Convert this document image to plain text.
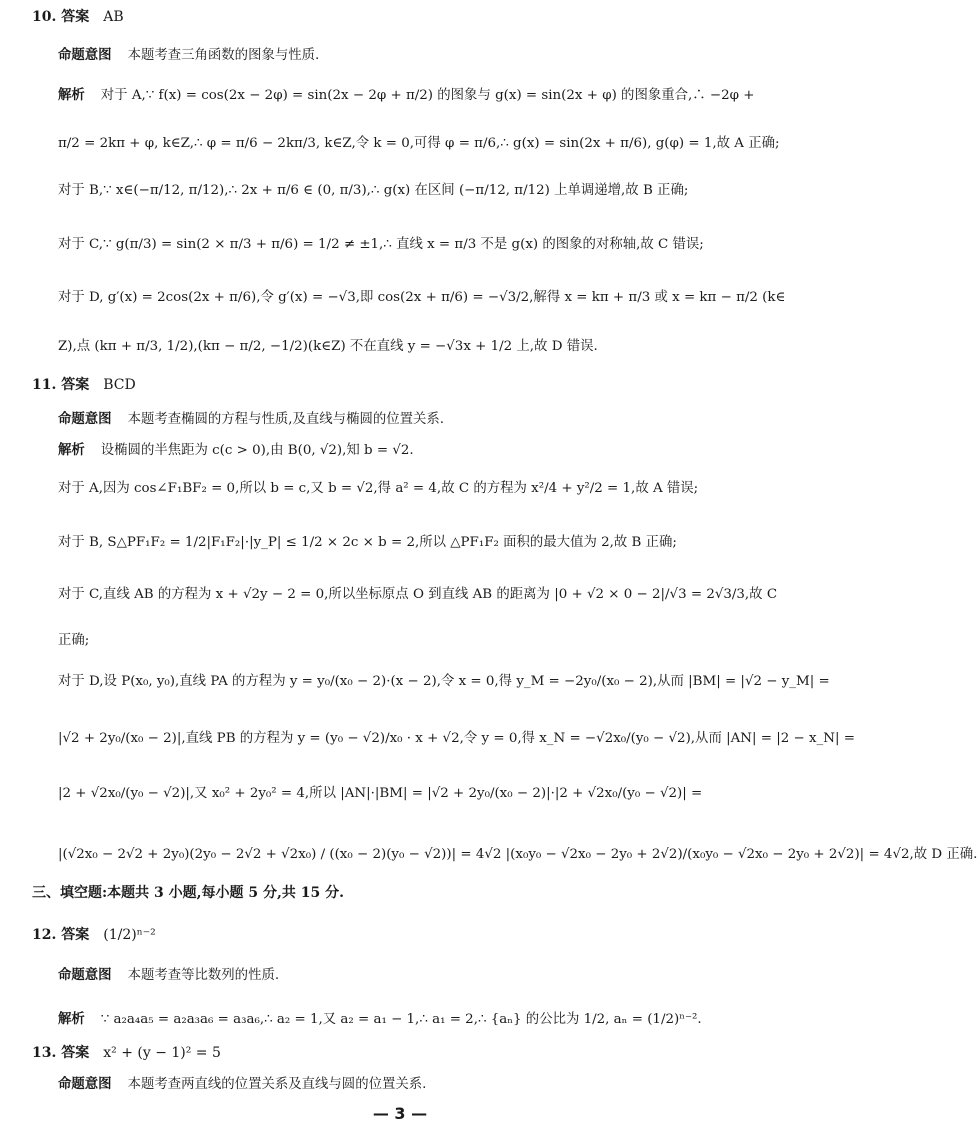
10. 答案 AB
命题意图 本题考查三角函数的图象与性质.
解析 对于 A,∵ f(x) = cos(2x − 2φ) = sin(2x − 2φ + π/2) 的图象与 g(x) = sin(2x + φ) 的图象重合,∴ −2φ +
π/2 = 2kπ + φ, k∈Z,∴ φ = π/6 − 2kπ/3, k∈Z,令 k = 0,可得 φ = π/6,∴ g(x) = sin(2x + π/6), g(φ) = 1,故 A 正确;
对于 B,∵ x∈(−π/12, π/12),∴ 2x + π/6 ∈ (0, π/3),∴ g(x) 在区间 (−π/12, π/12) 上单调递增,故 B 正确;
对于 C,∵ g(π/3) = sin(2 × π/3 + π/6) = 1/2 ≠ ±1,∴ 直线 x = π/3 不是 g(x) 的图象的对称轴,故 C 错误;
对于 D, g′(x) = 2cos(2x + π/6),令 g′(x) = −√3,即 cos(2x + π/6) = −√3/2,解得 x = kπ + π/3 或 x = kπ − π/2 (k∈
Z),点 (kπ + π/3, 1/2),(kπ − π/2, −1/2)(k∈Z) 不在直线 y = −√3x + 1/2 上,故 D 错误.
11. 答案 BCD
命题意图 本题考查椭圆的方程与性质,及直线与椭圆的位置关系.
解析 设椭圆的半焦距为 c(c > 0),由 B(0, √2),知 b = √2.
对于 A,因为 cos∠F₁BF₂ = 0,所以 b = c,又 b = √2,得 a² = 4,故 C 的方程为 x²/4 + y²/2 = 1,故 A 错误;
对于 B, S△PF₁F₂ = 1/2|F₁F₂|·|y_P| ≤ 1/2 × 2c × b = 2,所以 △PF₁F₂ 面积的最大值为 2,故 B 正确;
对于 C,直线 AB 的方程为 x + √2y − 2 = 0,所以坐标原点 O 到直线 AB 的距离为 |0 + √2 × 0 − 2|/√3 = 2√3/3,故 C
正确;
对于 D,设 P(x₀, y₀),直线 PA 的方程为 y = y₀/(x₀ − 2)·(x − 2),令 x = 0,得 y_M = −2y₀/(x₀ − 2),从而 |BM| = |√2 − y_M| =
|√2 + 2y₀/(x₀ − 2)|,直线 PB 的方程为 y = (y₀ − √2)/x₀ · x + √2,令 y = 0,得 x_N = −√2x₀/(y₀ − √2),从而 |AN| = |2 − x_N| =
|2 + √2x₀/(y₀ − √2)|,又 x₀² + 2y₀² = 4,所以 |AN|·|BM| = |√2 + 2y₀/(x₀ − 2)|·|2 + √2x₀/(y₀ − √2)| =
|(√2x₀ − 2√2 + 2y₀)(2y₀ − 2√2 + √2x₀) / ((x₀ − 2)(y₀ − √2))| = 4√2 |(x₀y₀ − √2x₀ − 2y₀ + 2√2)/(x₀y₀ − √2x₀ − 2y₀ + 2√2)| = 4√2,故 D 正确.
三、填空题:本题共 3 小题,每小题 5 分,共 15 分.
12. 答案 (1/2)ⁿ⁻²
命题意图 本题考查等比数列的性质.
解析 ∵ a₂a₄a₅ = a₂a₃a₆ = a₃a₆,∴ a₂ = 1,又 a₂ = a₁ − 1,∴ a₁ = 2,∴ {aₙ} 的公比为 1/2, aₙ = (1/2)ⁿ⁻².
13. 答案 x² + (y − 1)² = 5
命题意图 本题考查两直线的位置关系及直线与圆的位置关系.
— 3 —
